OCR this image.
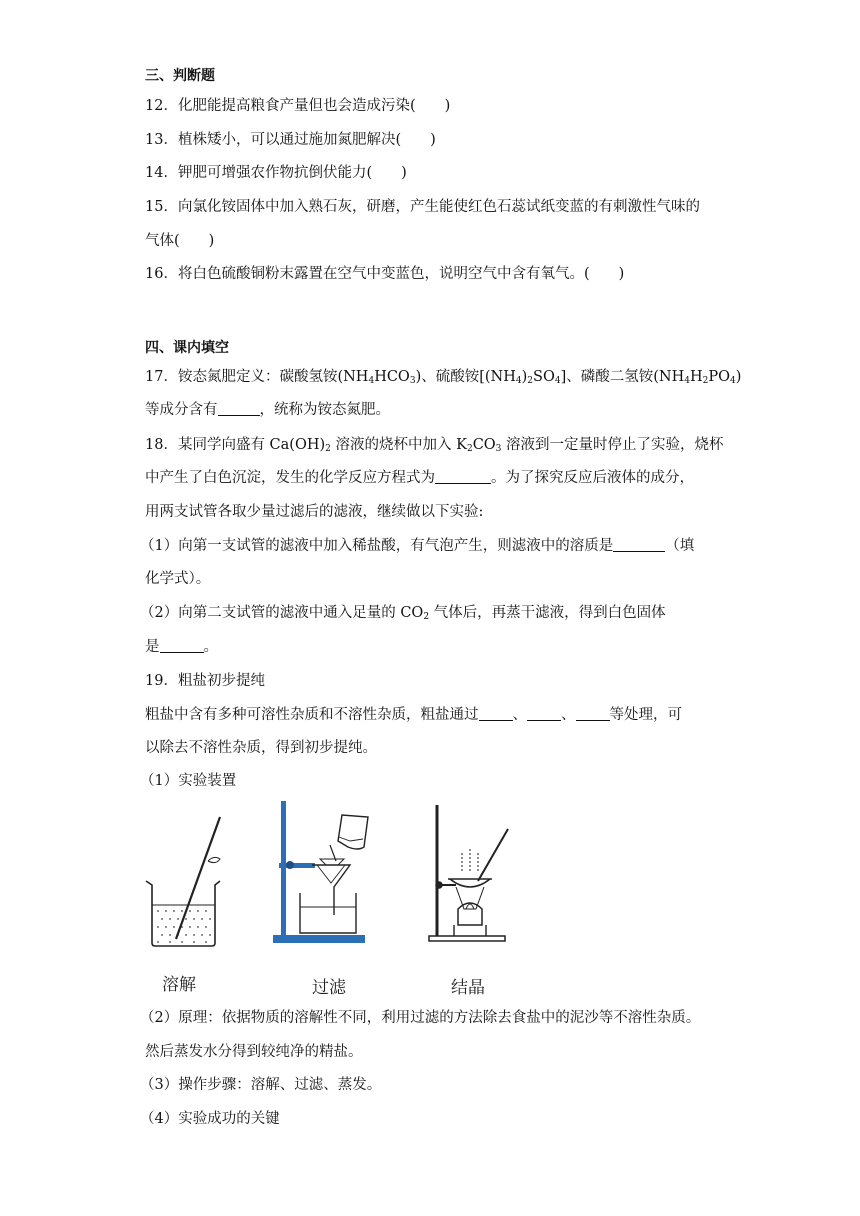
三、判断题
12．化肥能提高粮食产量但也会造成污染(　　)
13．植株矮小，可以通过施加氮肥解决(　　)
14．钾肥可增强农作物抗倒伏能力(　　)
15．向氯化铵固体中加入熟石灰，研磨，产生能使红色石蕊试纸变蓝的有刺激性气味的
气体(　　)
16．将白色硫酸铜粉末露置在空气中变蓝色，说明空气中含有氧气。(　　)
四、课内填空
17．铵态氮肥定义：碳酸氢铵$(NH_4HCO_3)$、硫酸铵$[(NH_4)_2SO_4]$、磷酸二氢铵$(NH_4H_2PO_4)$
等成分含有	，统称为铵态氮肥。
18．某同学向盛有 $Ca(OH)_2$ 溶液的烧杯中加入 $K_2CO_3$ 溶液到一定量时停止了实验，烧杯
中产生了白色沉淀，发生的化学反应方程式为	。为了探究反应后液体的成分，
用两支试管各取少量过滤后的滤液，继续做以下实验:
（1）向第一支试管的滤液中加入稀盐酸，有气泡产生，则滤液中的溶质是	（填
化学式）。
（2）向第二支试管的滤液中通入足量的 $CO_2$ 气体后，再蒸干滤液，得到白色固体
是	。
19．粗盐初步提纯
粗盐中含有多种可溶性杂质和不溶性杂质，粗盐通过 、 、 等处理，可
以除去不溶性杂质，得到初步提纯。
（1）实验装置
溶解	过滤	结晶
（2）原理：依据物质的溶解性不同，利用过滤的方法除去食盐中的泥沙等不溶性杂质。
然后蒸发水分得到较纯净的精盐。
（3）操作步骤：溶解、过滤、蒸发。
（4）实验成功的关键
